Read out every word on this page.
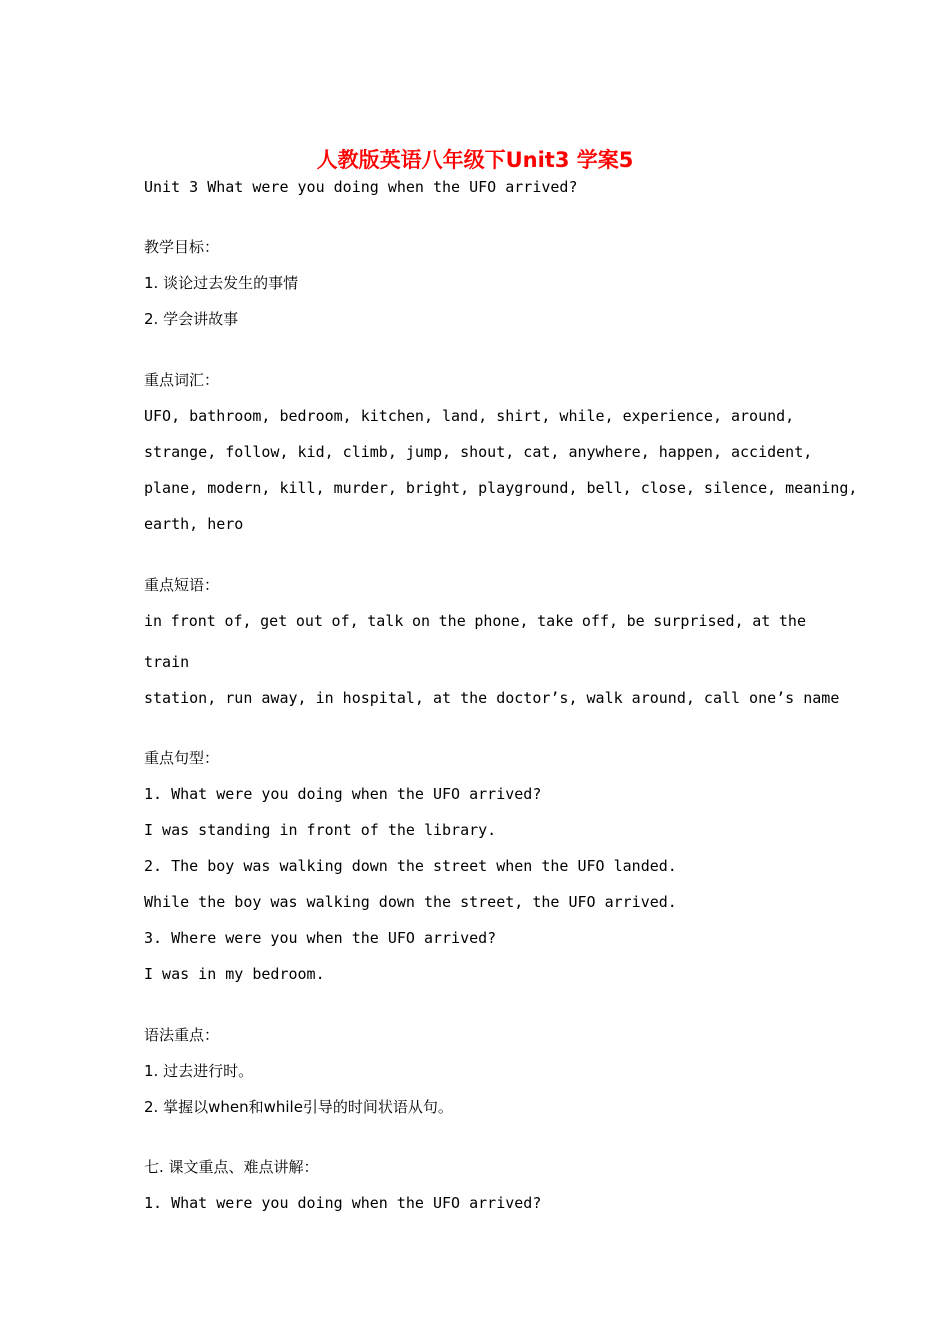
人教版英语八年级下Unit3 学案5
Unit 3 What were you doing when the UFO arrived?
教学目标：
1. 谈论过去发生的事情
2. 学会讲故事
重点词汇：
UFO, bathroom, bedroom, kitchen, land, shirt, while, experience, around,
strange, follow, kid, climb, jump, shout, cat, anywhere, happen, accident,
plane, modern, kill, murder, bright, playground, bell, close, silence, meaning,
earth, hero
重点短语：
in front of, get out of, talk on the phone, take off, be surprised, at the
train
station, run away, in hospital, at the doctor’s, walk around, call one’s name
重点句型：
1. What were you doing when the UFO arrived?
I was standing in front of the library.
2. The boy was walking down the street when the UFO landed.
While the boy was walking down the street, the UFO arrived.
3. Where were you when the UFO arrived?
I was in my bedroom.
语法重点：
1. 过去进行时。
2. 掌握以when和while引导的时间状语从句。
七. 课文重点、难点讲解：
1. What were you doing when the UFO arrived?
